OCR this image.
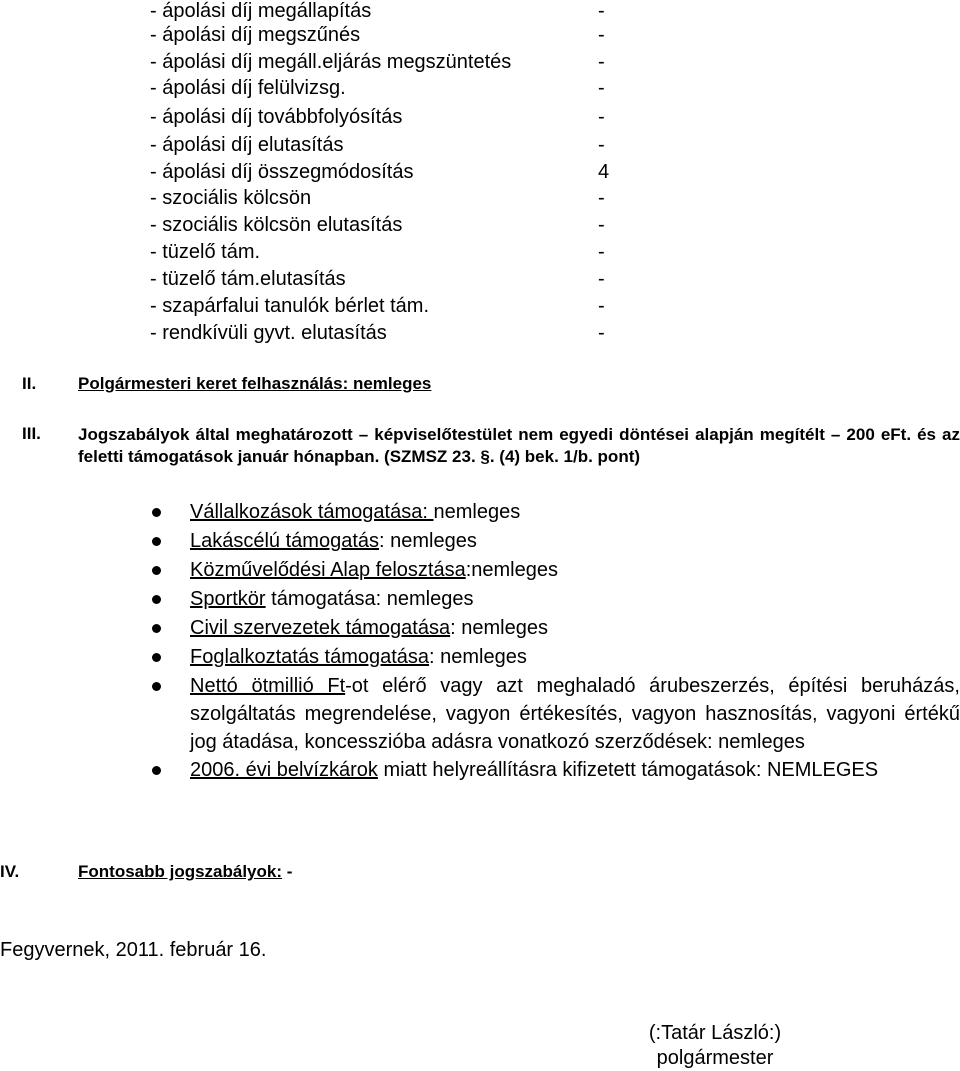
- ápolási díj megállapítás	-
- ápolási díj megszűnés	-
- ápolási díj megáll.eljárás megszüntetés	-
- ápolási díj felülvizsg.	-
- ápolási díj továbbfolyósítás	-
- ápolási díj elutasítás	-
- ápolási díj összegmódosítás	4
- szociális kölcsön	-
- szociális kölcsön elutasítás	-
- tüzelő tám.	-
- tüzelő tám.elutasítás	-
- szapárfalui tanulók bérlet tám.	-
- rendkívüli gyvt. elutasítás	-
II. Polgármesteri keret felhasználás: nemleges
III. Jogszabályok által meghatározott – képviselőtestület nem egyedi döntései alapján megítélt – 200 eFt. és az feletti támogatások január hónapban. (SZMSZ 23. §. (4) bek. 1/b. pont)
Vállalkozások támogatása: nemleges
Lakáscélú támogatás: nemleges
Közművelődési Alap felosztása:nemleges
Sportkör támogatása: nemleges
Civil szervezetek támogatása: nemleges
Foglalkoztatás támogatása: nemleges
Nettó ötmillió Ft-ot elérő vagy azt meghaladó árubeszerzés, építési beruházás, szolgáltatás megrendelése, vagyon értékesítés, vagyon hasznosítás, vagyoni értékű jog átadása, koncesszióba adásra vonatkozó szerződések: nemleges
2006. évi belvízkárok miatt helyreállításra kifizetett támogatások: NEMLEGES
IV.	Fontosabb jogszabályok: -
Fegyvernek, 2011. február 16.
(:Tatár László:)
polgármester
